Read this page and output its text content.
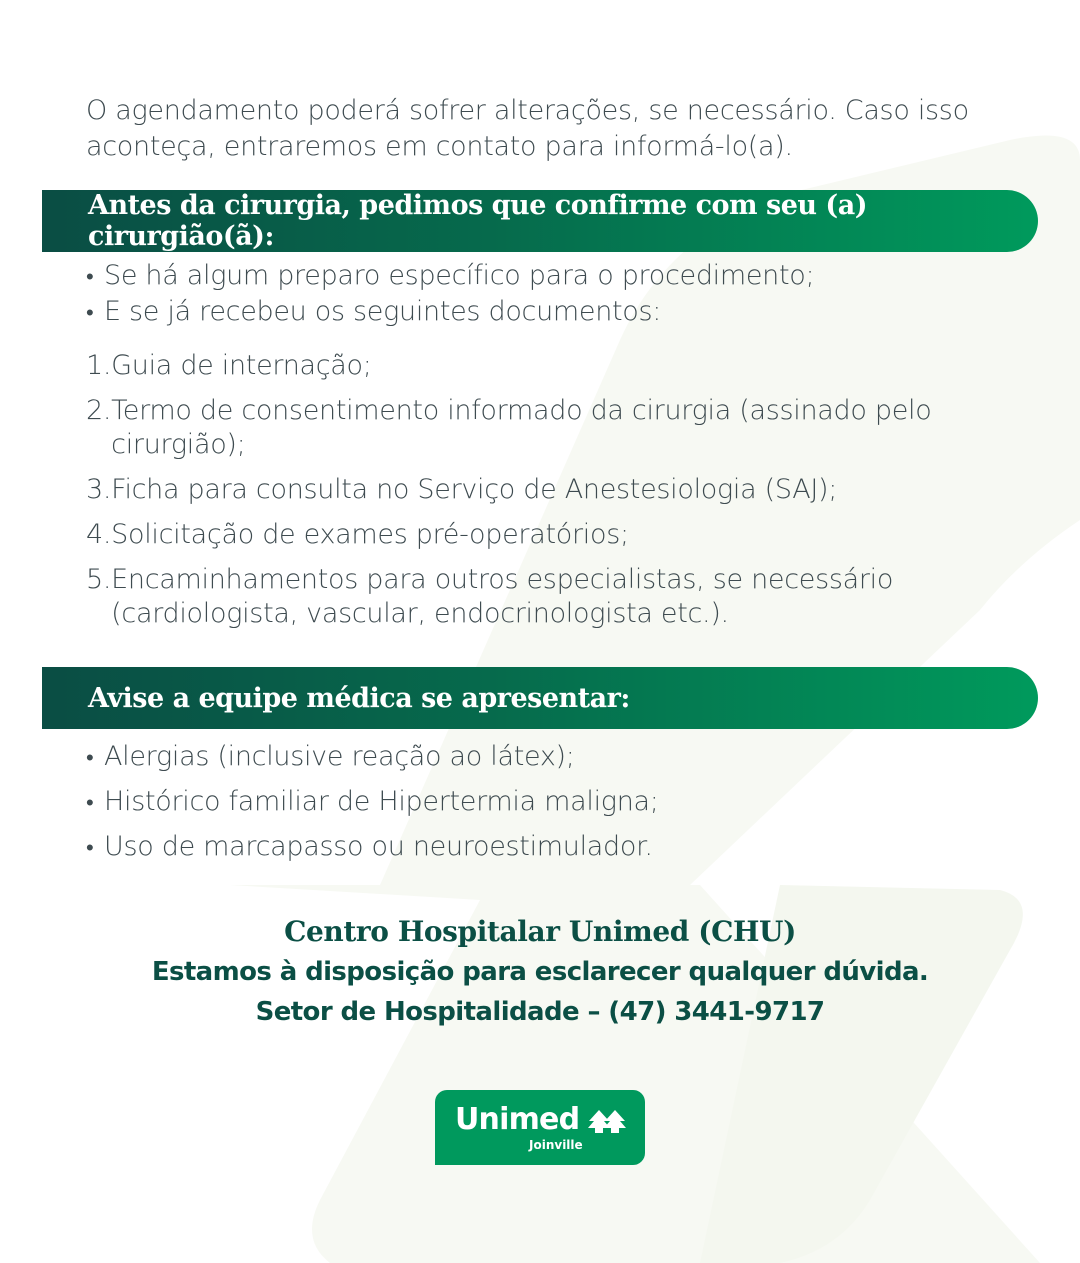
O agendamento poderá sofrer alterações, se necessário. Caso isso
aconteça, entraremos em contato para informá-lo(a).
Antes da cirurgia, pedimos que confirme com seu (a) cirurgião(ã):
• Se há algum preparo específico para o procedimento;
• E se já recebeu os seguintes documentos:
1. Guia de internação;
2. Termo de consentimento informado da cirurgia (assinado pelo
cirurgião);
3. Ficha para consulta no Serviço de Anestesiologia (SAJ);
4. Solicitação de exames pré-operatórios;
5. Encaminhamentos para outros especialistas, se necessário
(cardiologista, vascular, endocrinologista etc.).
Avise a equipe médica se apresentar:
• Alergias (inclusive reação ao látex);
• Histórico familiar de Hipertermia maligna;
• Uso de marcapasso ou neuroestimulador.
Centro Hospitalar Unimed (CHU)
Estamos à disposição para esclarecer qualquer dúvida.
Setor de Hospitalidade – (47) 3441-9717
Unimed
Joinville
